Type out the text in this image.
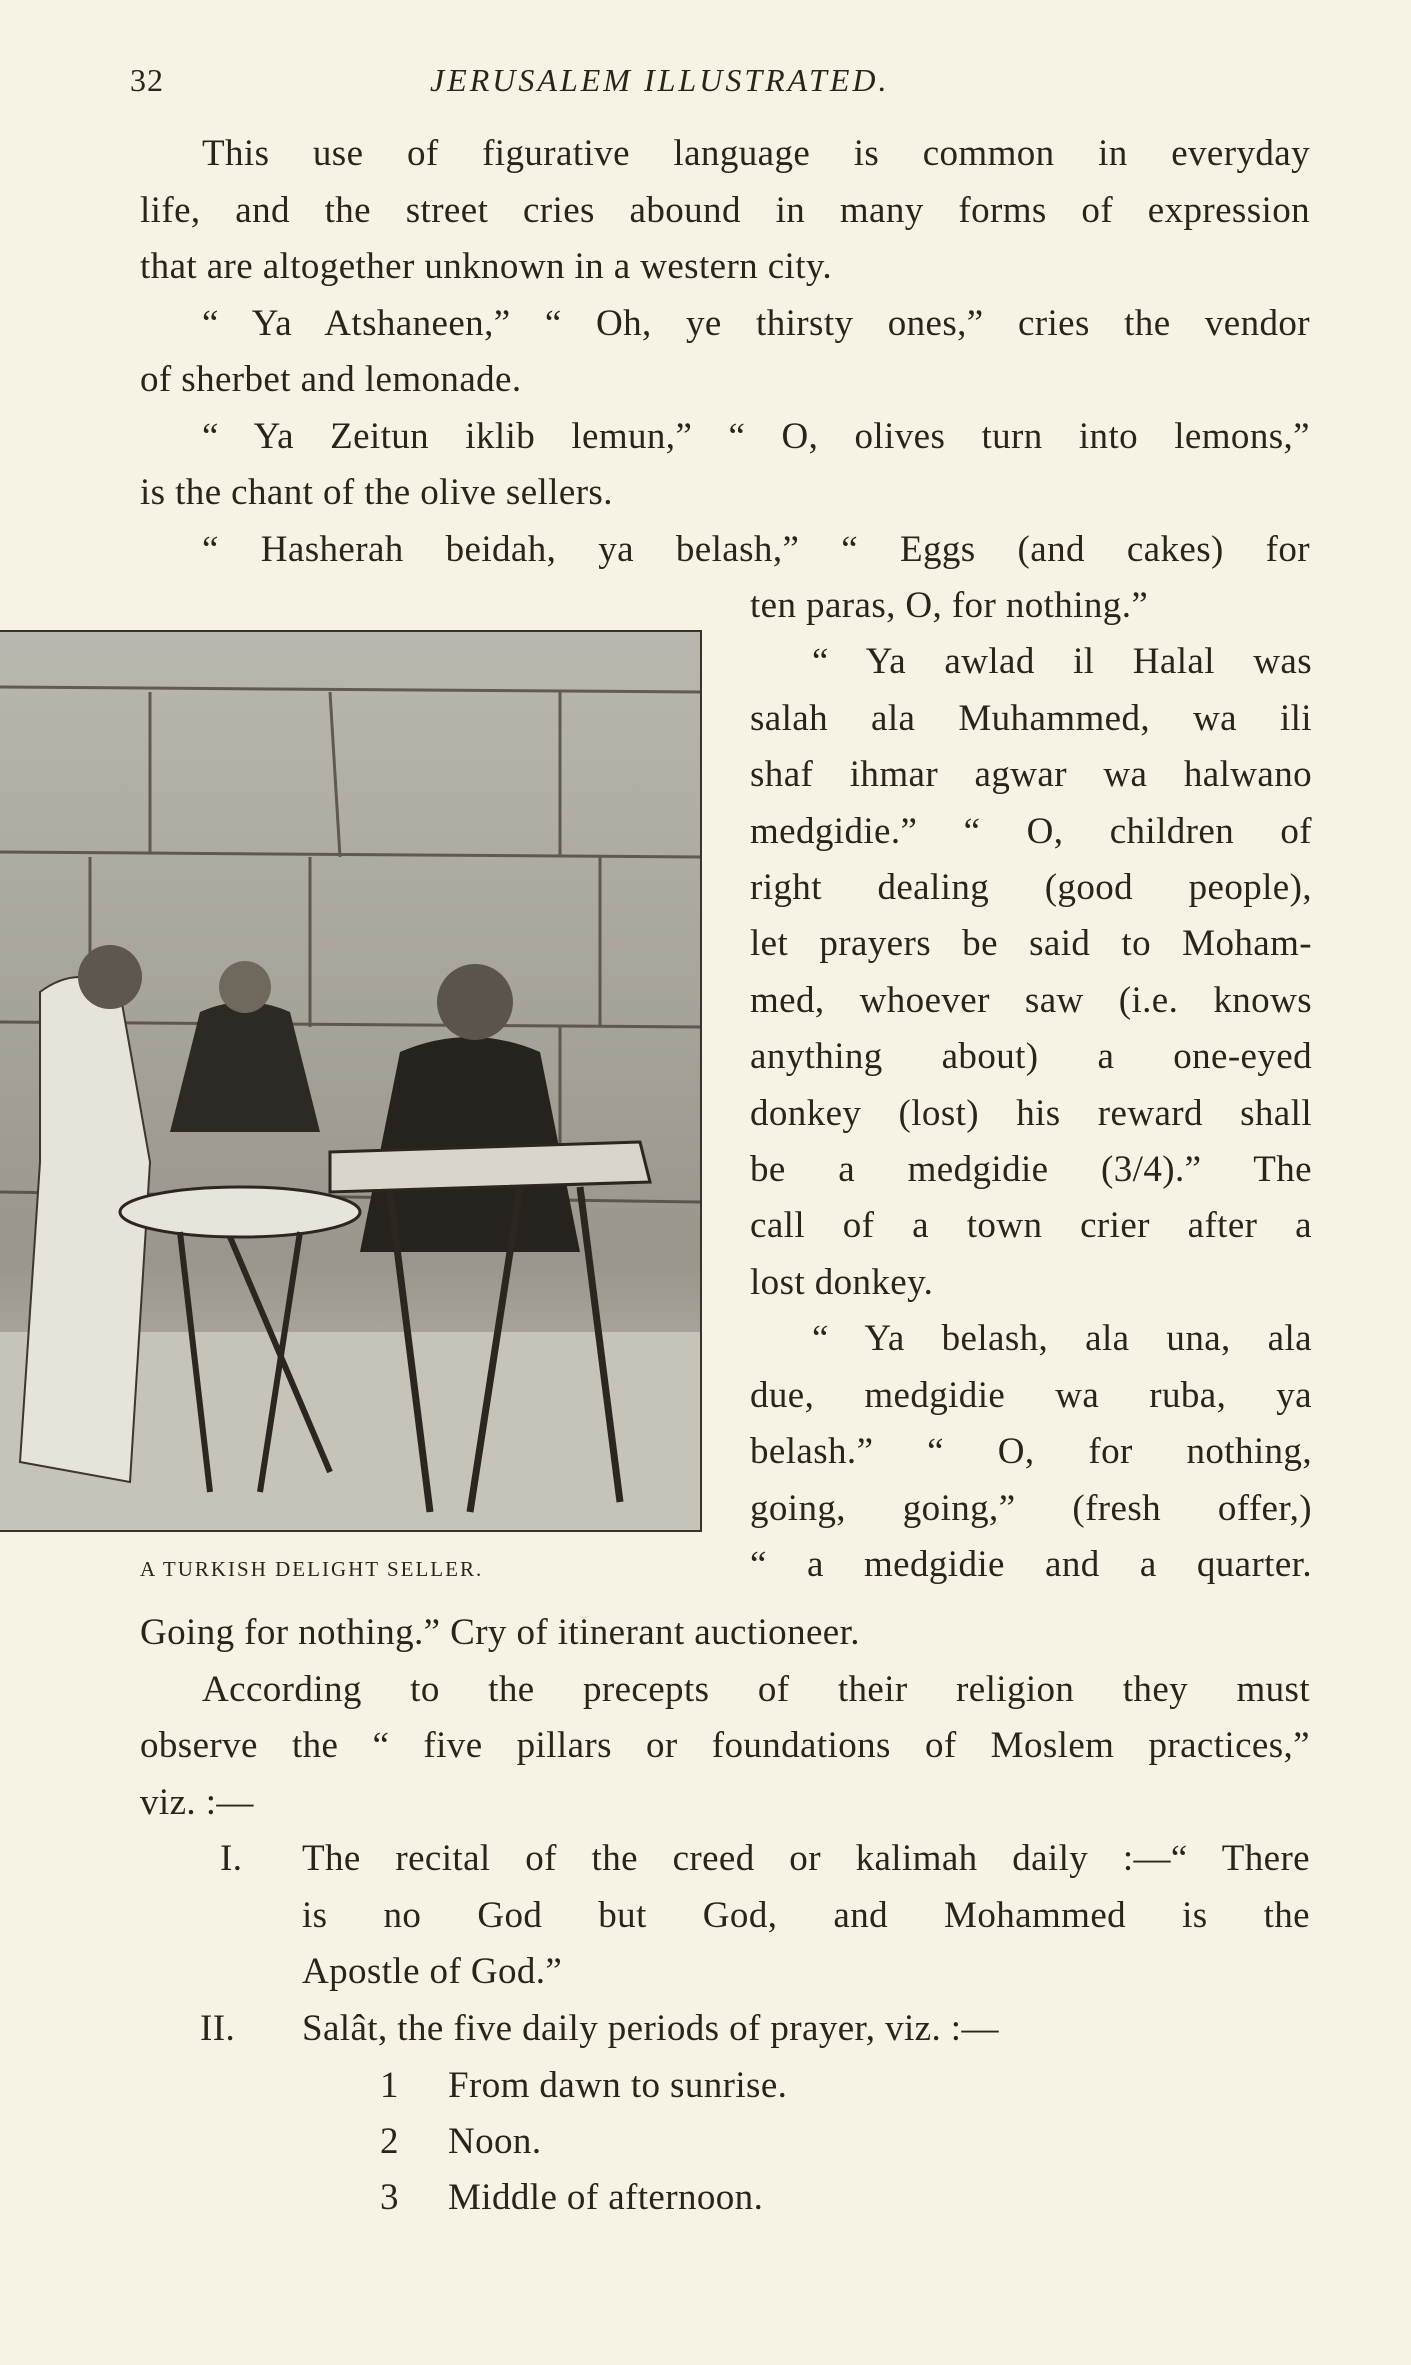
32	JERUSALEM ILLUSTRATED.
This use of figurative language is common in everyday
life, and the street cries abound in many forms of expression
that are altogether unknown in a western city.
“ Ya Atshaneen,” “ Oh, ye thirsty ones,” cries the vendor
of sherbet and lemonade.
“ Ya Zeitun iklib lemun,” “ O, olives turn into lemons,”
is the chant of the olive sellers.
“ Hasherah beidah, ya belash,” “ Eggs (and cakes) for
A TURKISH DELIGHT SELLER.
ten paras, O, for nothing.”
“ Ya awlad il Halal was
salah ala Muhammed, wa ili
shaf ihmar agwar wa halwano
medgidie.” “ O, children of
right dealing (good people),
let prayers be said to Moham-
med, whoever saw (i.e. knows
anything about) a one-eyed
donkey (lost) his reward shall
be a medgidie (3/4).” The
call of a town crier after a
lost donkey.
“ Ya belash, ala una, ala
due, medgidie wa ruba, ya
belash.” “ O, for nothing,
going, going,” (fresh offer,)
“ a medgidie and a quarter.
Going for nothing.” Cry of itinerant auctioneer.
According to the precepts of their religion they must
observe the “ five pillars or foundations of Moslem practices,”
viz. :—
I. The recital of the creed or kalimah daily :—“ There
is no God but God, and Mohammed is the
Apostle of God.”
II. Salât, the five daily periods of prayer, viz. :—
1 From dawn to sunrise.
2 Noon.
3 Middle of afternoon.
